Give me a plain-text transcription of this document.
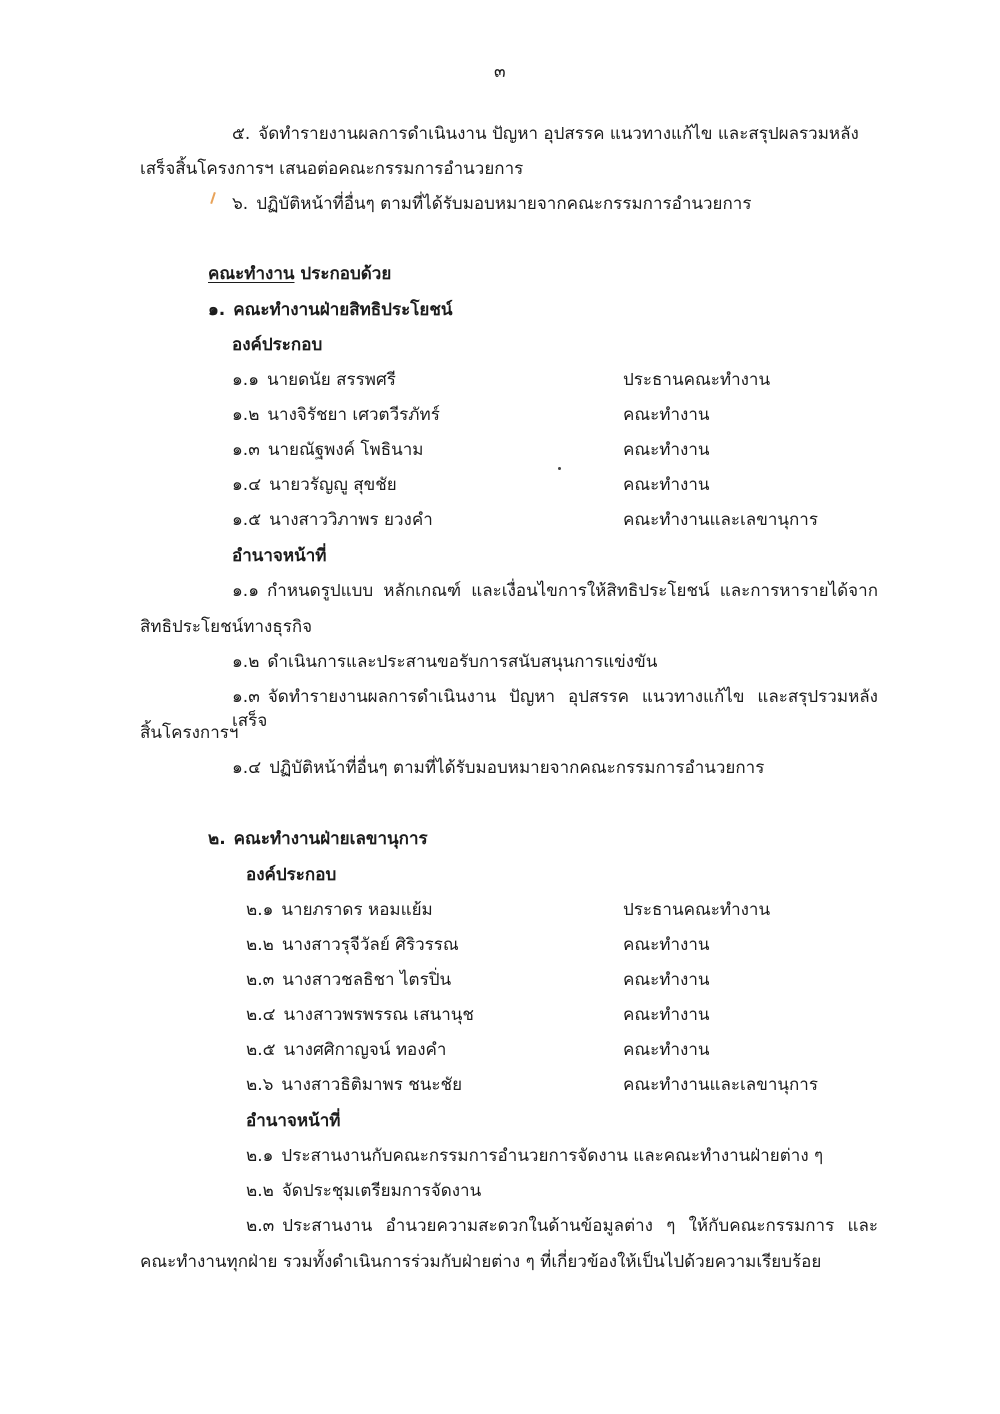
๓
๕. จัดทำรายงานผลการดำเนินงาน ปัญหา อุปสรรค แนวทางแก้ไข และสรุปผลรวมหลัง
เสร็จสิ้นโครงการฯ เสนอต่อคณะกรรมการอำนวยการ
๖. ปฏิบัติหน้าที่อื่นๆ ตามที่ได้รับมอบหมายจากคณะกรรมการอำนวยการ
คณะทำงาน ประกอบด้วย
๑. คณะทำงานฝ่ายสิทธิประโยชน์
องค์ประกอบ
๑.๑ นายดนัย สรรพศรี	ประธานคณะทำงาน
๑.๒ นางจิรัชยา เศวตวีรภัทร์	คณะทำงาน
๑.๓ นายณัฐพงค์ โพธินาม	คณะทำงาน
๑.๔ นายวรัญญู สุขชัย	คณะทำงาน
๑.๕ นางสาววิภาพร ยวงคำ	คณะทำงานและเลขานุการ
อำนาจหน้าที่
๑.๑ กำหนดรูปแบบ หลักเกณฑ์ และเงื่อนไขการให้สิทธิประโยชน์ และการหารายได้จาก
สิทธิประโยชน์ทางธุรกิจ
๑.๒ ดำเนินการและประสานขอรับการสนับสนุนการแข่งขัน
๑.๓ จัดทำรายงานผลการดำเนินงาน ปัญหา อุปสรรค แนวทางแก้ไข และสรุปรวมหลังเสร็จ
สิ้นโครงการฯ
๑.๔ ปฏิบัติหน้าที่อื่นๆ ตามที่ได้รับมอบหมายจากคณะกรรมการอำนวยการ
๒. คณะทำงานฝ่ายเลขานุการ
องค์ประกอบ
๒.๑ นายภราดร หอมแย้ม	ประธานคณะทำงาน
๒.๒ นางสาวรุจีวัลย์ ศิริวรรณ	คณะทำงาน
๒.๓ นางสาวชลธิชา ไตรปิ่น	คณะทำงาน
๒.๔ นางสาวพรพรรณ เสนานุช	คณะทำงาน
๒.๕ นางศศิกาญจน์ ทองคำ	คณะทำงาน
๒.๖ นางสาวธิติมาพร ชนะชัย	คณะทำงานและเลขานุการ
อำนาจหน้าที่
๒.๑ ประสานงานกับคณะกรรมการอำนวยการจัดงาน และคณะทำงานฝ่ายต่าง ๆ
๒.๒ จัดประชุมเตรียมการจัดงาน
๒.๓ ประสานงาน อำนวยความสะดวกในด้านข้อมูลต่าง ๆ ให้กับคณะกรรมการ และ
คณะทำงานทุกฝ่าย รวมทั้งดำเนินการร่วมกับฝ่ายต่าง ๆ ที่เกี่ยวข้องให้เป็นไปด้วยความเรียบร้อย
